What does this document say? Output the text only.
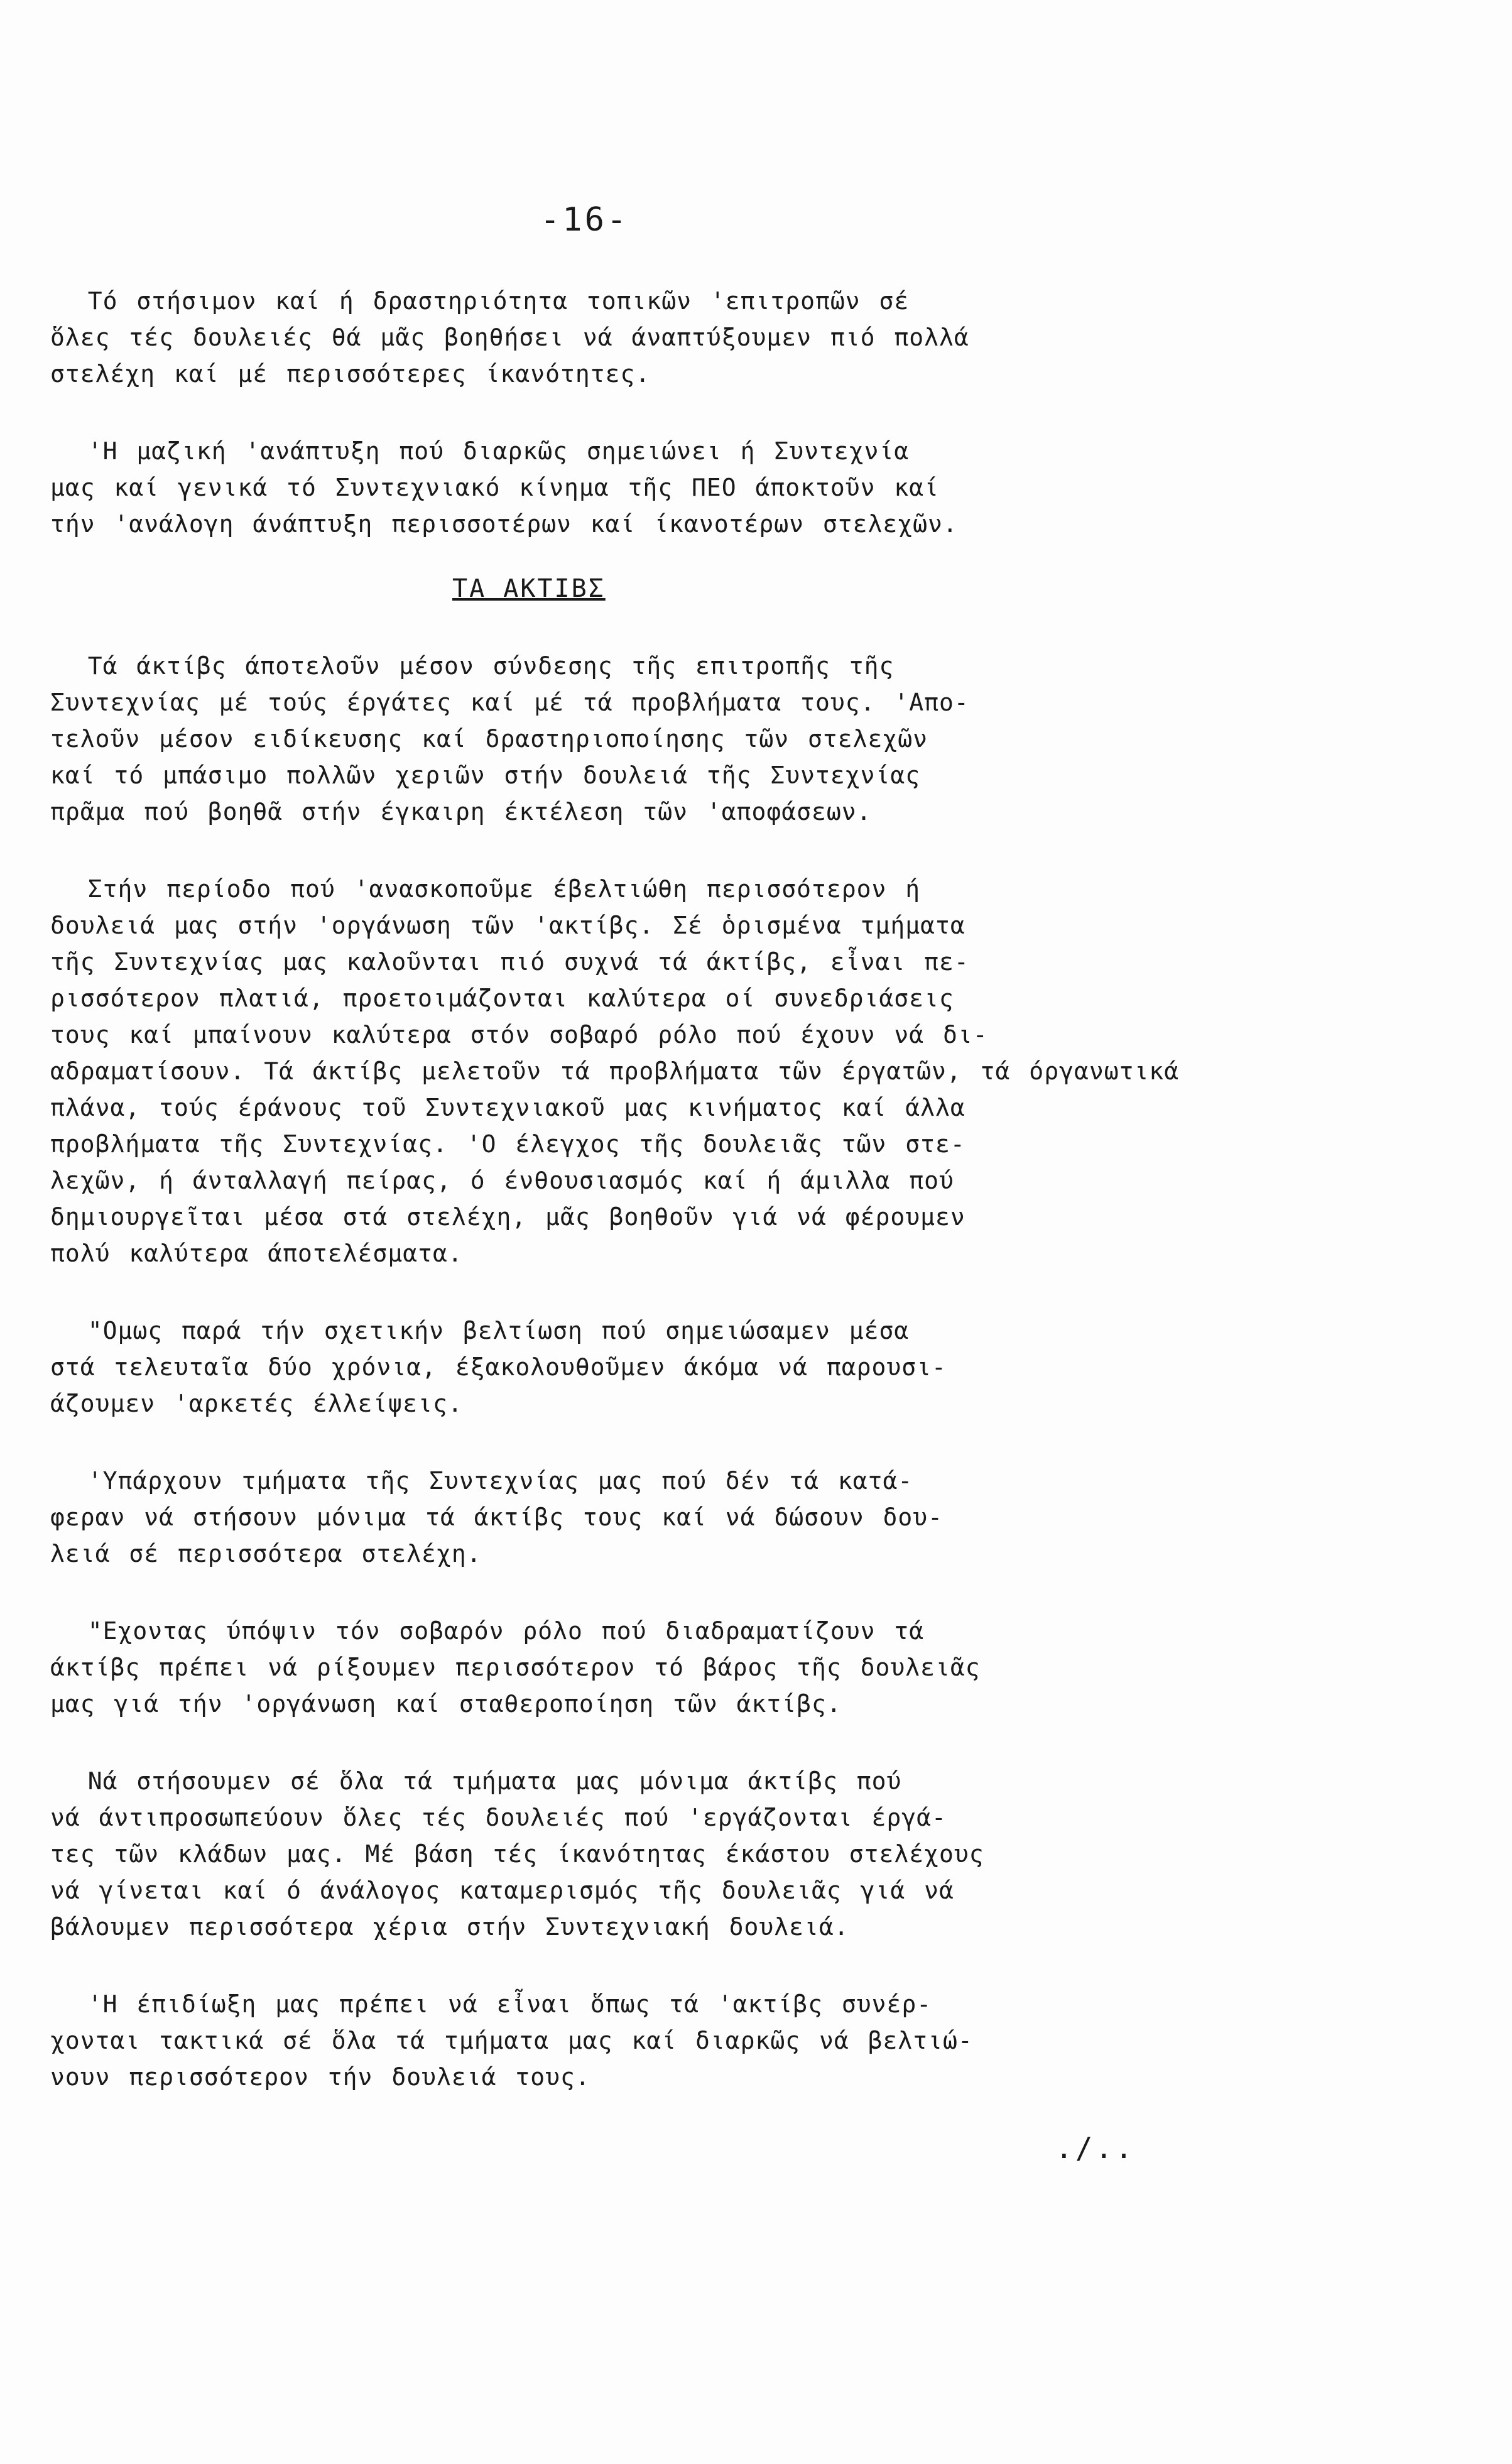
-16-

Τό στήσιμον καί ή δραστηριότητα τοπικῶν 'επιτροπῶν σέ
ὅλες τές δουλειές θά μᾶς βοηθήσει νά άναπτύξουμεν πιό πολλά
στελέχη καί μέ περισσότερες ίκανότητες.

'Η μαζική 'ανάπτυξη πού διαρκῶς σημειώνει ή Συντεχνία
μας καί γενικά τό Συντεχνιακό κίνημα τῆς ΠΕΟ άποκτοῦν καί
τήν 'ανάλογη άνάπτυξη περισσοτέρων καί ίκανοτέρων στελεχῶν.

ΤΑ ΑΚΤΙΒΣ

Τά άκτίβς άποτελοῦν μέσον σύνδεσης τῆς επιτροπῆς τῆς
Συντεχνίας μέ τούς έργάτες καί μέ τά προβλήματα τους. 'Απο-
τελοῦν μέσον ειδίκευσης καί δραστηριοποίησης τῶν στελεχῶν
καί τό μπάσιμο πολλῶν χεριῶν στήν δουλειά τῆς Συντεχνίας
πρᾶμα πού βοηθᾶ στήν έγκαιρη έκτέλεση τῶν 'αποφάσεων.

Στήν περίοδο πού 'ανασκοποῦμε έβελτιώθη περισσότερον ή
δουλειά μας στήν 'οργάνωση τῶν 'ακτίβς. Σέ ὁρισμένα τμήματα
τῆς Συντεχνίας μας καλοῦνται πιό συχνά τά άκτίβς, εἶναι πε-
ρισσότερον πλατιά, προετοιμάζονται καλύτερα οί συνεδριάσεις
τους καί μπαίνουν καλύτερα στόν σοβαρό ρόλο πού έχουν νά δι-
αδραματίσουν. Τά άκτίβς μελετοῦν τά προβλήματα τῶν έργατῶν, τά όργανωτικά
πλάνα, τούς έράνους τοῦ Συντεχνιακοῦ μας κινήματος καί άλλα
προβλήματα τῆς Συντεχνίας. 'Ο έλεγχος τῆς δουλειᾶς τῶν στε-
λεχῶν, ή άνταλλαγή πείρας, ό ένθουσιασμός καί ή άμιλλα πού
δημιουργεῖται μέσα στά στελέχη, μᾶς βοηθοῦν γιά νά φέρουμεν
πολύ καλύτερα άποτελέσματα.

"Ομως παρά τήν σχετικήν βελτίωση πού σημειώσαμεν μέσα
στά τελευταῖα δύο χρόνια, έξακολουθοῦμεν άκόμα νά παρουσι-
άζουμεν 'αρκετές έλλείψεις.

'Υπάρχουν τμήματα τῆς Συντεχνίας μας πού δέν τά κατά-
φεραν νά στήσουν μόνιμα τά άκτίβς τους καί νά δώσουν δου-
λειά σέ περισσότερα στελέχη.

"Εχοντας ύπόψιν τόν σοβαρόν ρόλο πού διαδραματίζουν τά
άκτίβς πρέπει νά ρίξουμεν περισσότερον τό βάρος τῆς δουλειᾶς
μας γιά τήν 'οργάνωση καί σταθεροποίηση τῶν άκτίβς.

Νά στήσουμεν σέ ὅλα τά τμήματα μας μόνιμα άκτίβς πού
νά άντιπροσωπεύουν ὅλες τές δουλειές πού 'εργάζονται έργά-
τες τῶν κλάδων μας. Μέ βάση τές ίκανότητας έκάστου στελέχους
νά γίνεται καί ό άνάλογος καταμερισμός τῆς δουλειᾶς γιά νά
βάλουμεν περισσότερα χέρια στήν Συντεχνιακή δουλειά.

'Η έπιδίωξη μας πρέπει νά εἶναι ὅπως τά 'ακτίβς συνέρ-
χονται τακτικά σέ ὅλα τά τμήματα μας καί διαρκῶς νά βελτιώ-
νουν περισσότερον τήν δουλειά τους.

./..
